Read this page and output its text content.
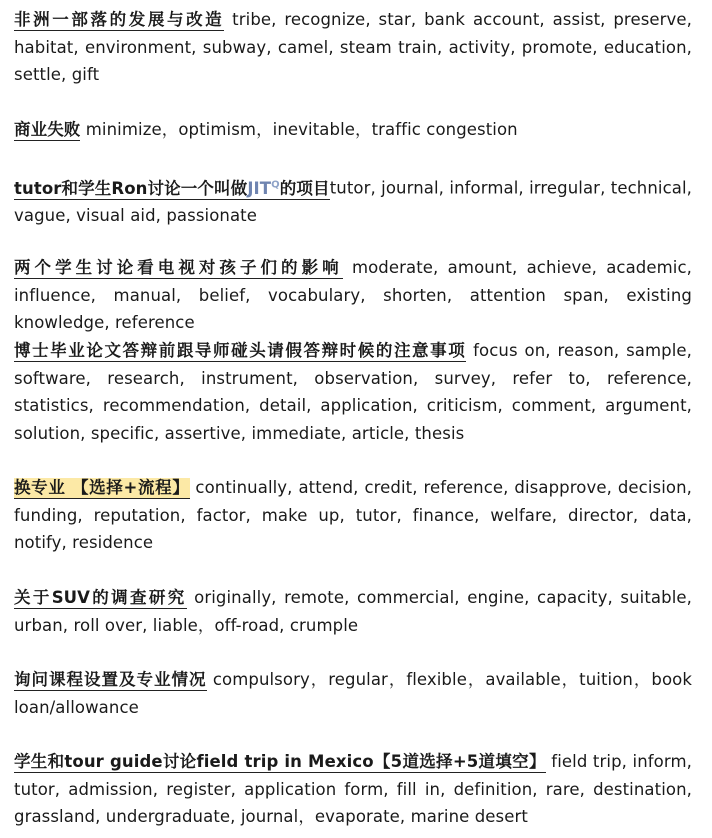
非洲一部落的发展与改造 tribe, recognize, star, bank account, assist, preserve, habitat, environment, subway, camel, steam train, activity, promote, education, settle, gift

商业失败 minimize，optimism，inevitable，traffic congestion

tutor和学生Ron讨论一个叫做$JIT^Q$的项目tutor, journal, informal, irregular, technical, vague, visual aid, passionate

两个学生讨论看电视对孩子们的影响 moderate, amount, achieve, academic, influence, manual, belief, vocabulary, shorten, attention span, existing knowledge, reference

博士毕业论文答辩前跟导师碰头请假答辩时候的注意事项 focus on, reason, sample, software, research, instrument, observation, survey, refer to, reference, statistics, recommendation, detail, application, criticism, comment, argument, solution, specific, assertive, immediate, article, thesis

换专业 【选择+流程】 continually, attend, credit, reference, disapprove, decision, funding, reputation, factor, make up, tutor, finance, welfare, director, data, notify, residence

关于SUV的调查研究 originally, remote, commercial, engine, capacity, suitable, urban, roll over, liable，off-road, crumple

询问课程设置及专业情况 compulsory，regular，flexible，available，tuition，book loan/allowance

学生和tour guide讨论field trip in Mexico【5道选择+5道填空】 field trip, inform, tutor, admission, register, application form, fill in, definition, rare, destination, grassland, undergraduate, journal，evaporate, marine desert
